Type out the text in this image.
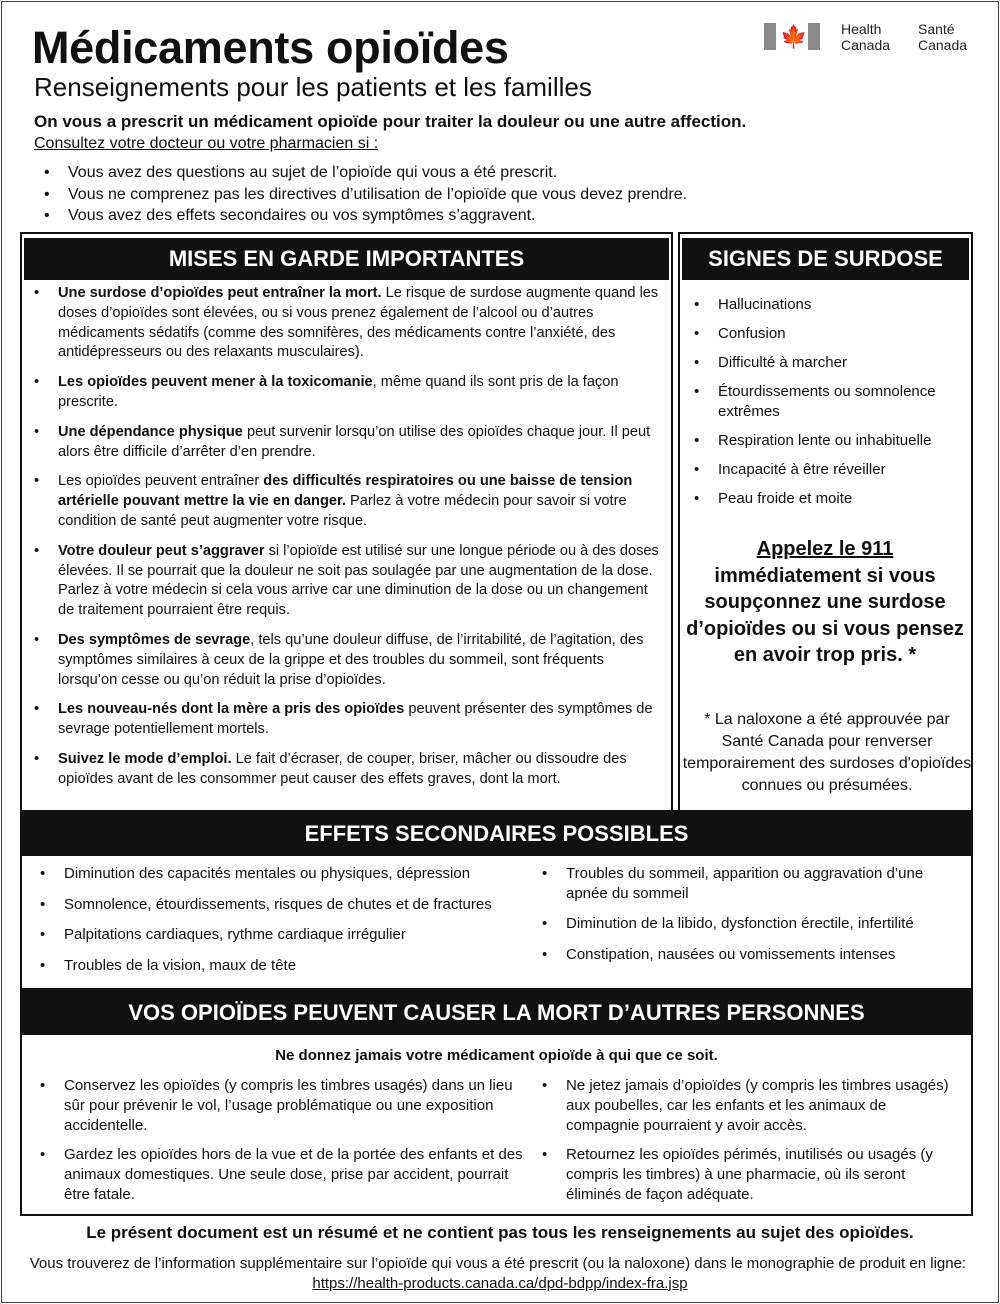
Médicaments opioïdes
Renseignements pour les patients et les familles
🍁 Health
Canada
Santé
Canada
On vous a prescrit un médicament opioïde pour traiter la douleur ou une autre affection.
Consultez votre docteur ou votre pharmacien si :
• Vous avez des questions au sujet de l’opioïde qui vous a été prescrit.
• Vous ne comprenez pas les directives d’utilisation de l’opioïde que vous devez prendre.
• Vous avez des effets secondaires ou vos symptômes s’aggravent.
MISES EN GARDE IMPORTANTES
• Une surdose d’opioïdes peut entraîner la mort. Le risque de surdose augmente quand les doses d’opioïdes sont élevées, ou si vous prenez également de l’alcool ou d’autres médicaments sédatifs (comme des somnifères, des médicaments contre l’anxiété, des antidépresseurs ou des relaxants musculaires).
• Les opioïdes peuvent mener à la toxicomanie, même quand ils sont pris de la façon prescrite.
• Une dépendance physique peut survenir lorsqu’on utilise des opioïdes chaque jour. Il peut alors être difficile d’arrêter d’en prendre.
• Les opioïdes peuvent entraîner des difficultés respiratoires ou une baisse de tension artérielle pouvant mettre la vie en danger. Parlez à votre médecin pour savoir si votre condition de santé peut augmenter votre risque.
• Votre douleur peut s’aggraver si l’opioïde est utilisé sur une longue période ou à des doses élevées. Il se pourrait que la douleur ne soit pas soulagée par une augmentation de la dose. Parlez à votre médecin si cela vous arrive car une diminution de la dose ou un changement de traitement pourraient être requis.
• Des symptômes de sevrage, tels qu’une douleur diffuse, de l’irritabilité, de l’agitation, des symptômes similaires à ceux de la grippe et des troubles du sommeil, sont fréquents lorsqu’on cesse ou qu’on réduit la prise d’opioïdes.
• Les nouveau-nés dont la mère a pris des opioïdes peuvent présenter des symptômes de sevrage potentiellement mortels.
• Suivez le mode d’emploi. Le fait d’écraser, de couper, briser, mâcher ou dissoudre des opioïdes avant de les consommer peut causer des effets graves, dont la mort.
SIGNES DE SURDOSE
• Hallucinations
• Confusion
• Difficulté à marcher
• Étourdissements ou somnolence extrêmes
• Respiration lente ou inhabituelle
• Incapacité à être réveiller
• Peau froide et moite
Appelez le 911
immédiatement si vous soupçonnez une surdose d’opioïdes ou si vous pensez en avoir trop pris. *
* La naloxone a été approuvée par Santé Canada pour renverser temporairement des surdoses d'opioïdes connues ou présumées.
EFFETS SECONDAIRES POSSIBLES
• Diminution des capacités mentales ou physiques, dépression
• Somnolence, étourdissements, risques de chutes et de fractures
• Palpitations cardiaques, rythme cardiaque irrégulier
• Troubles de la vision, maux de tête
• Troubles du sommeil, apparition ou aggravation d’une apnée du sommeil
• Diminution de la libido, dysfonction érectile, infertilité
• Constipation, nausées ou vomissements intenses
VOS OPIOÏDES PEUVENT CAUSER LA MORT D’AUTRES PERSONNES
Ne donnez jamais votre médicament opioïde à qui que ce soit.
• Conservez les opioïdes (y compris les timbres usagés) dans un lieu sûr pour prévenir le vol, l’usage problématique ou une exposition accidentelle.
• Gardez les opioïdes hors de la vue et de la portée des enfants et des animaux domestiques. Une seule dose, prise par accident, pourrait être fatale.
• Ne jetez jamais d’opioïdes (y compris les timbres usagés) aux poubelles, car les enfants et les animaux de compagnie pourraient y avoir accès.
• Retournez les opioïdes périmés, inutilisés ou usagés (y compris les timbres) à une pharmacie, où ils seront éliminés de façon adéquate.
Le présent document est un résumé et ne contient pas tous les renseignements au sujet des opioïdes.
Vous trouverez de l’information supplémentaire sur l’opioïde qui vous a été prescrit (ou la naloxone) dans le monographie de produit en ligne:  https://health-products.canada.ca/dpd-bdpp/index-fra.jsp
